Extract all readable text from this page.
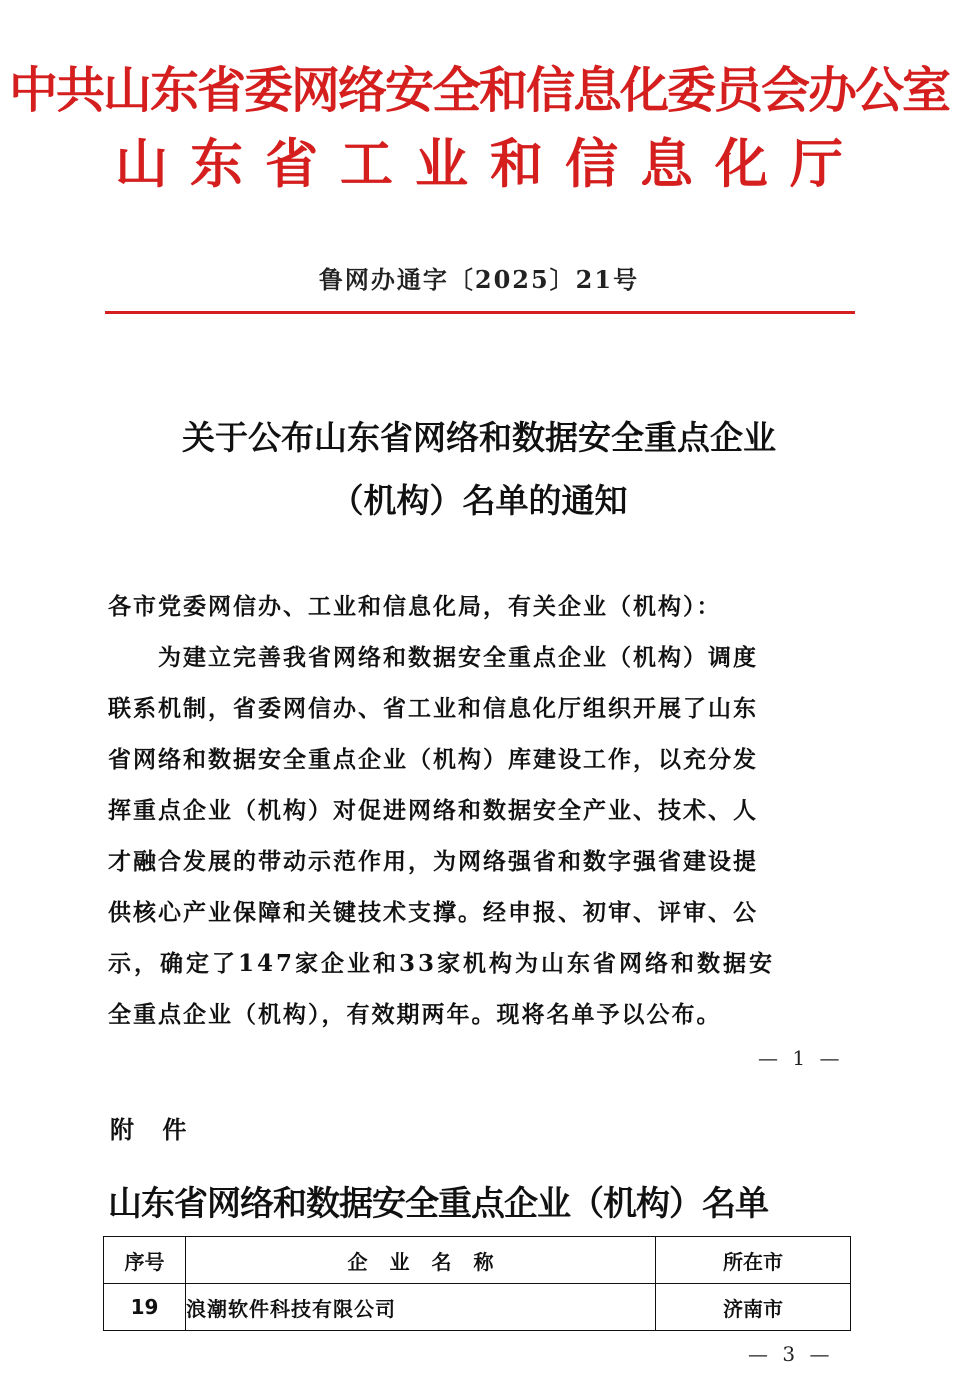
中共山东省委网络安全和信息化委员会办公室
山东省工业和信息化厅
鲁网办通字〔2025〕21号
关于公布山东省网络和数据安全重点企业
（机构）名单的通知
各市党委网信办、工业和信息化局，有关企业（机构）：
　　为建立完善我省网络和数据安全重点企业（机构）调度
联系机制，省委网信办、省工业和信息化厅组织开展了山东
省网络和数据安全重点企业（机构）库建设工作，以充分发
挥重点企业（机构）对促进网络和数据安全产业、技术、人
才融合发展的带动示范作用，为网络强省和数字强省建设提
供核心产业保障和关键技术支撑。经申报、初审、评审、公
示，确定了147家企业和33家机构为山东省网络和数据安
全重点企业（机构），有效期两年。现将名单予以公布。
— 1 —
附 件
山东省网络和数据安全重点企业（机构）名单
序号	企业名称	所在市
19	浪潮软件科技有限公司	济南市
— 3 —
